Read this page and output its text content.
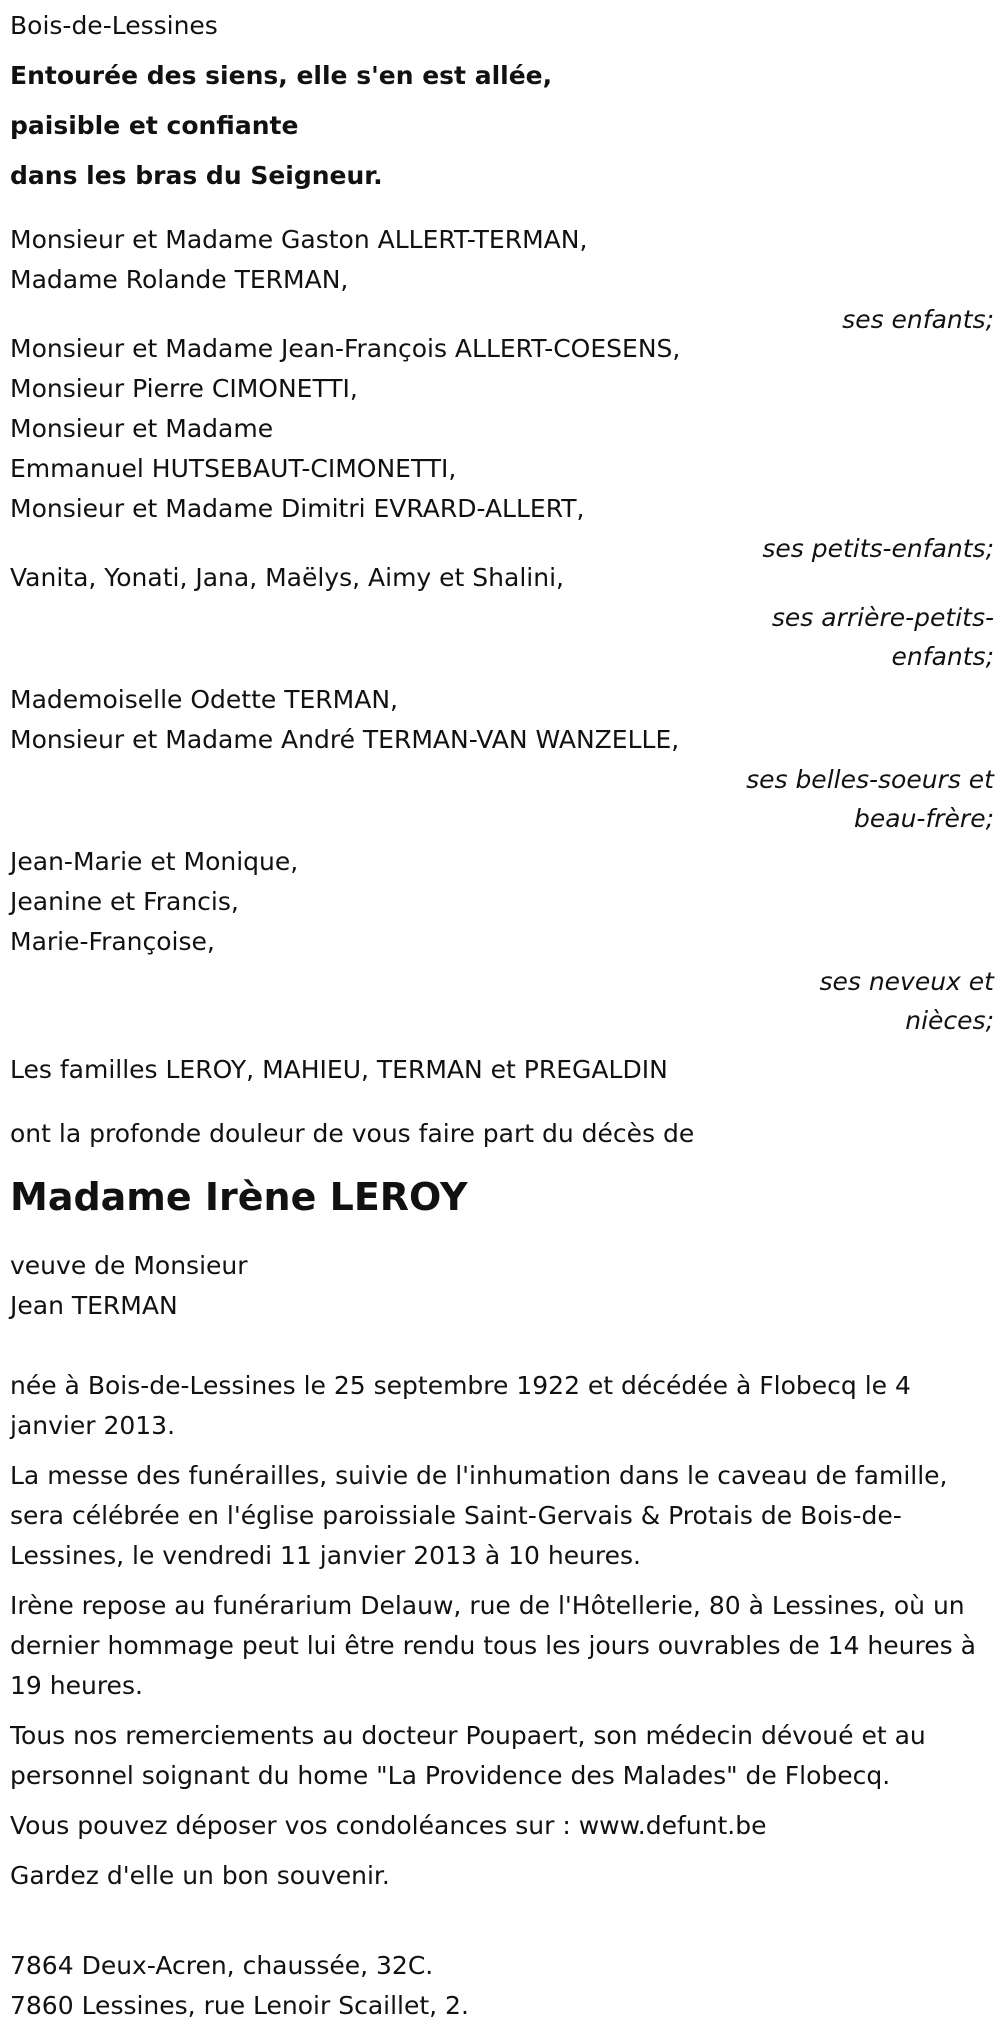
Bois-de-Lessines
Entourée des siens, elle s'en est allée,
paisible et confiante
dans les bras du Seigneur.
Monsieur et Madame Gaston ALLERT-TERMAN,
Madame Rolande TERMAN,
ses enfants;
Monsieur et Madame Jean-François ALLERT-COESENS,
Monsieur Pierre CIMONETTI,
Monsieur et Madame
Emmanuel HUTSEBAUT-CIMONETTI,
Monsieur et Madame Dimitri EVRARD-ALLERT,
ses petits-enfants;
Vanita, Yonati, Jana, Maëlys, Aimy et Shalini,
ses arrière-petits-
enfants;
Mademoiselle Odette TERMAN,
Monsieur et Madame André TERMAN-VAN WANZELLE,
ses belles-soeurs et
beau-frère;
Jean-Marie et Monique,
Jeanine et Francis,
Marie-Françoise,
ses neveux et
nièces;
Les familles LEROY, MAHIEU, TERMAN et PREGALDIN
ont la profonde douleur de vous faire part du décès de
Madame Irène LEROY
veuve de Monsieur
Jean TERMAN

née à Bois-de-Lessines le 25 septembre 1922 et décédée à Flobecq le 4 janvier 2013.

La messe des funérailles, suivie de l'inhumation dans le caveau de famille, sera célébrée en l'église paroissiale Saint-Gervais & Protais de Bois-de-Lessines, le vendredi 11 janvier 2013 à 10 heures.

Irène repose au funérarium Delauw, rue de l'Hôtellerie, 80 à Lessines, où un dernier hommage peut lui être rendu tous les jours ouvrables de 14 heures à 19 heures.

Tous nos remerciements au docteur Poupaert, son médecin dévoué et au personnel soignant du home "La Providence des Malades" de Flobecq.

Vous pouvez déposer vos condoléances sur : www.defunt.be

Gardez d'elle un bon souvenir.

7864 Deux-Acren, chaussée, 32C.
7860 Lessines, rue Lenoir Scaillet, 2.
